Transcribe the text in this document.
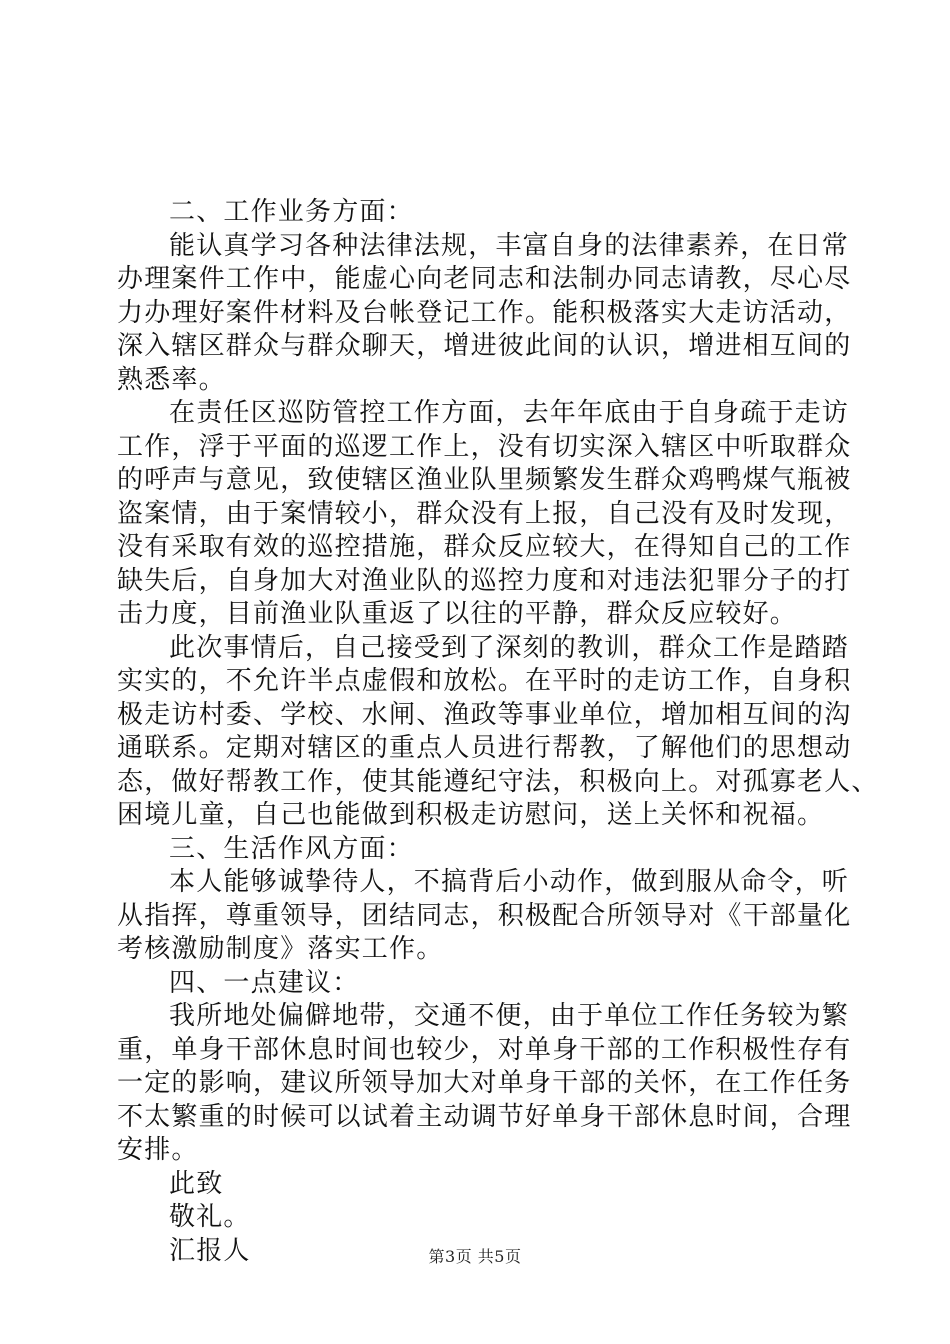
二、工作业务方面：
能认真学习各种法律法规，丰富自身的法律素养，在日常
办理案件工作中，能虚心向老同志和法制办同志请教，尽心尽
力办理好案件材料及台帐登记工作。能积极落实大走访活动，
深入辖区群众与群众聊天，增进彼此间的认识，增进相互间的
熟悉率。
在责任区巡防管控工作方面，去年年底由于自身疏于走访
工作，浮于平面的巡逻工作上，没有切实深入辖区中听取群众
的呼声与意见，致使辖区渔业队里频繁发生群众鸡鸭煤气瓶被
盗案情，由于案情较小，群众没有上报，自己没有及时发现，
没有采取有效的巡控措施，群众反应较大，在得知自己的工作
缺失后，自身加大对渔业队的巡控力度和对违法犯罪分子的打
击力度，目前渔业队重返了以往的平静，群众反应较好。
此次事情后，自己接受到了深刻的教训，群众工作是踏踏
实实的，不允许半点虚假和放松。在平时的走访工作，自身积
极走访村委、学校、水闸、渔政等事业单位，增加相互间的沟
通联系。定期对辖区的重点人员进行帮教，了解他们的思想动
态，做好帮教工作，使其能遵纪守法，积极向上。对孤寡老人、
困境儿童，自己也能做到积极走访慰问，送上关怀和祝福。
三、生活作风方面：
本人能够诚挚待人，不搞背后小动作，做到服从命令，听
从指挥，尊重领导，团结同志，积极配合所领导对《干部量化
考核激励制度》落实工作。
四、一点建议：
我所地处偏僻地带，交通不便，由于单位工作任务较为繁
重，单身干部休息时间也较少，对单身干部的工作积极性存有
一定的影响，建议所领导加大对单身干部的关怀，在工作任务
不太繁重的时候可以试着主动调节好单身干部休息时间，合理
安排。
此致
敬礼。
汇报人	第3页 共5页
